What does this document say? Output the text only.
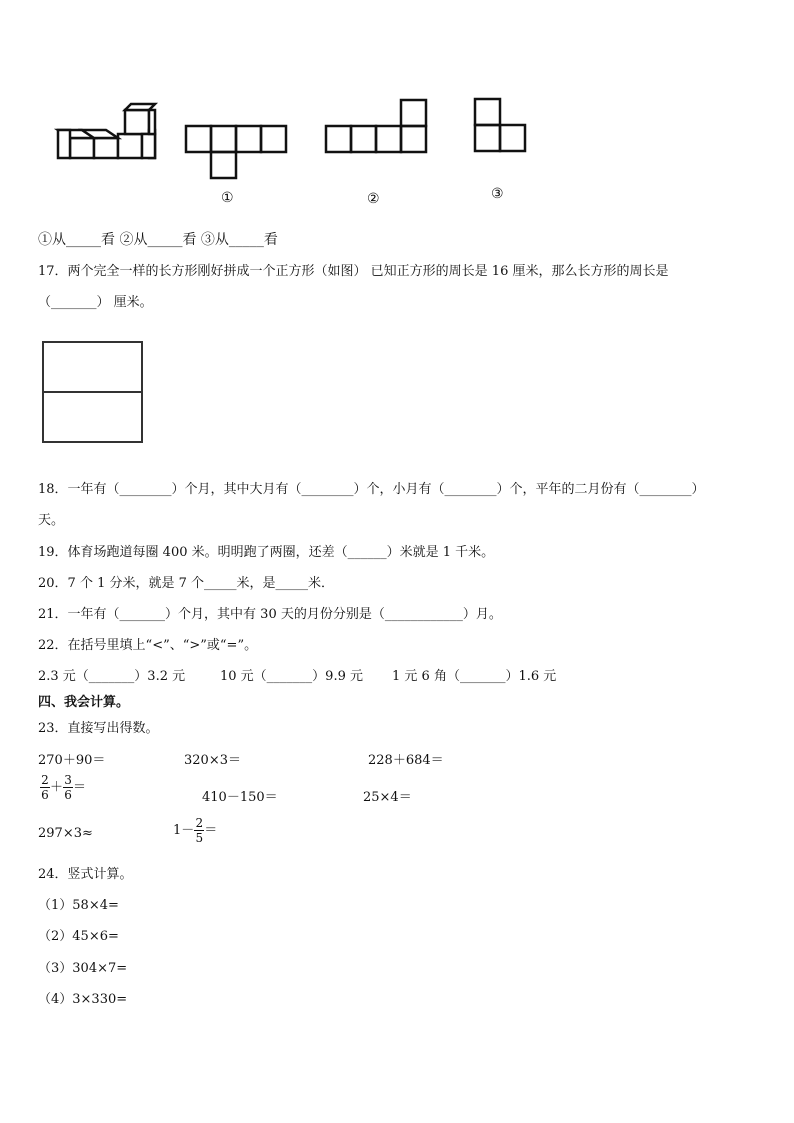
①	②	③
①从_____看 ②从_____看 ③从_____看
17．两个完全一样的长方形刚好拼成一个正方形（如图） 已知正方形的周长是 16 厘米，那么长方形的周长是
（_______） 厘米。
18．一年有（________）个月，其中大月有（________）个，小月有（________）个，平年的二月份有（________）
天。
19．体育场跑道每圈 400 米。明明跑了两圈，还差（______）米就是 1 千米。
20．7 个 1 分米，就是 7 个_____米，是_____米．
21．一年有（_______）个月，其中有 30 天的月份分别是（____________）月。
22．在括号里填上“<”、“>”或“=”。
2.3 元（_______）3.2 元	10 元（_______）9.9 元 1 元 6 角（_______）1.6 元
四、我会计算。
23．直接写出得数。
270＋90＝	320×3＝	228＋684＝
$\frac{2}{6} + \frac{3}{6}$ ＝
410－150＝	25×4＝
297×3≈	$1- \frac{2}{5}$ ＝
24．竖式计算。
（1）58×4=
（2）45×6=
（3）304×7=
（4）3×330=
